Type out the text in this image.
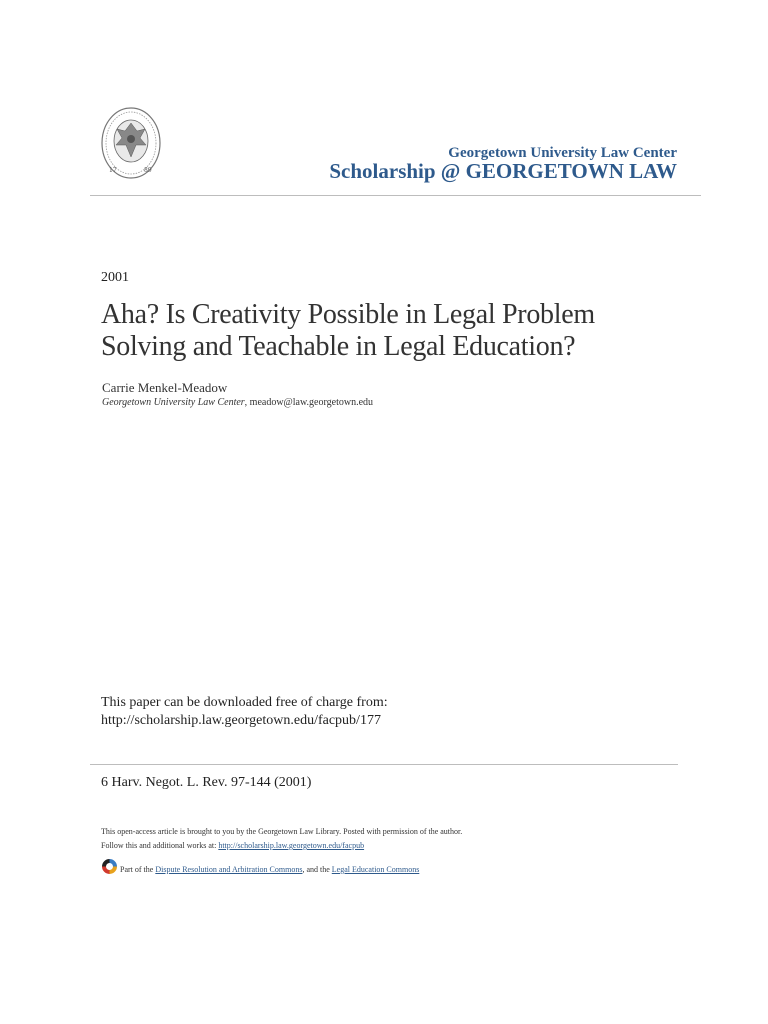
17	89
Georgetown University Law Center
Scholarship @ GEORGETOWN LAW
2001
Aha? Is Creativity Possible in Legal Problem
Solving and Teachable in Legal Education?
Carrie Menkel-Meadow
Georgetown University Law Center, meadow@law.georgetown.edu
This paper can be downloaded free of charge from:
http://scholarship.law.georgetown.edu/facpub/177
6 Harv. Negot. L. Rev. 97-144 (2001)
This open-access article is brought to you by the Georgetown Law Library. Posted with permission of the author.
Follow this and additional works at: http://scholarship.law.georgetown.edu/facpub
Part of the Dispute Resolution and Arbitration Commons, and the Legal Education Commons
